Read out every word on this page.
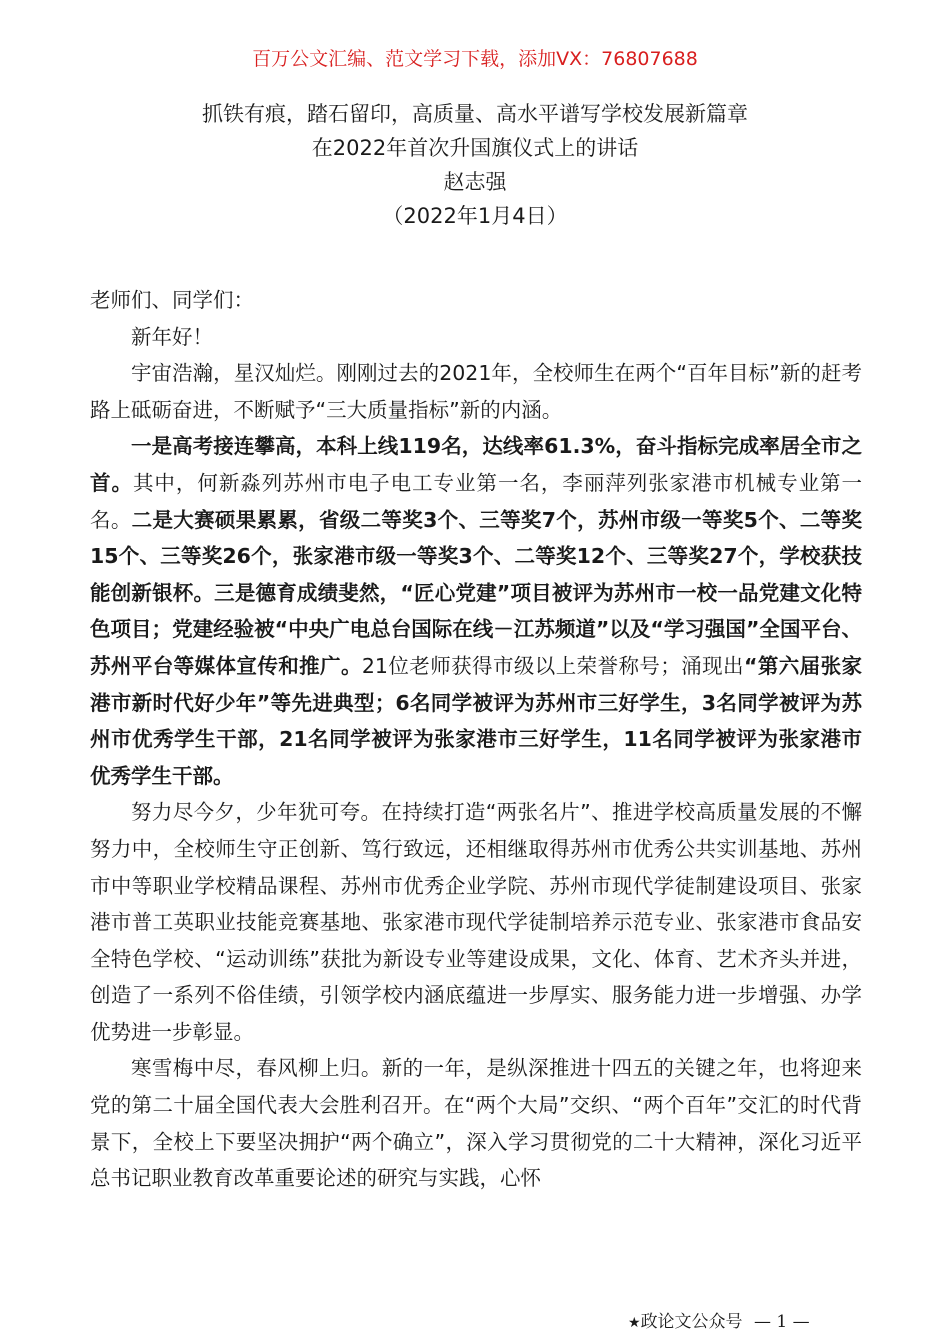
百万公文汇编、范文学习下载，添加VX：76807688
抓铁有痕，踏石留印，高质量、高水平谱写学校发展新篇章
在2022年首次升国旗仪式上的讲话
赵志强
（2022年1月4日）

老师们、同学们：

新年好！

宇宙浩瀚，星汉灿烂。刚刚过去的2021年，全校师生在两个“百年目标”新的赶考路上砥砺奋进，不断赋予“三大质量指标”新的内涵。

一是高考接连攀高，本科上线119名，达线率61.3%，奋斗指标完成率居全市之首。其中，何新淼列苏州市电子电工专业第一名，李丽萍列张家港市机械专业第一名。二是大赛硕果累累，省级二等奖3个、三等奖7个，苏州市级一等奖5个、二等奖15个、三等奖26个，张家港市级一等奖3个、二等奖12个、三等奖27个，学校获技能创新银杯。三是德育成绩斐然，“匠心党建”项目被评为苏州市一校一品党建文化特色项目；党建经验被“中央广电总台国际在线－江苏频道”以及“学习强国”全国平台、苏州平台等媒体宣传和推广。21位老师获得市级以上荣誉称号；涌现出“第六届张家港市新时代好少年”等先进典型；6名同学被评为苏州市三好学生，3名同学被评为苏州市优秀学生干部，21名同学被评为张家港市三好学生，11名同学被评为张家港市优秀学生干部。

努力尽今夕，少年犹可夸。在持续打造“两张名片”、推进学校高质量发展的不懈努力中，全校师生守正创新、笃行致远，还相继取得苏州市优秀公共实训基地、苏州市中等职业学校精品课程、苏州市优秀企业学院、苏州市现代学徒制建设项目、张家港市普工英职业技能竞赛基地、张家港市现代学徒制培养示范专业、张家港市食品安全特色学校、“运动训练”获批为新设专业等建设成果，文化、体育、艺术齐头并进，创造了一系列不俗佳绩，引领学校内涵底蕴进一步厚实、服务能力进一步增强、办学优势进一步彰显。

寒雪梅中尽，春风柳上归。新的一年，是纵深推进十四五的关键之年，也将迎来党的第二十届全国代表大会胜利召开。在“两个大局”交织、“两个百年”交汇的时代背景下，全校上下要坚决拥护“两个确立”，深入学习贯彻党的二十大精神，深化习近平总书记职业教育改革重要论述的研究与实践，心怀

★政论文公众号 — 1 —
